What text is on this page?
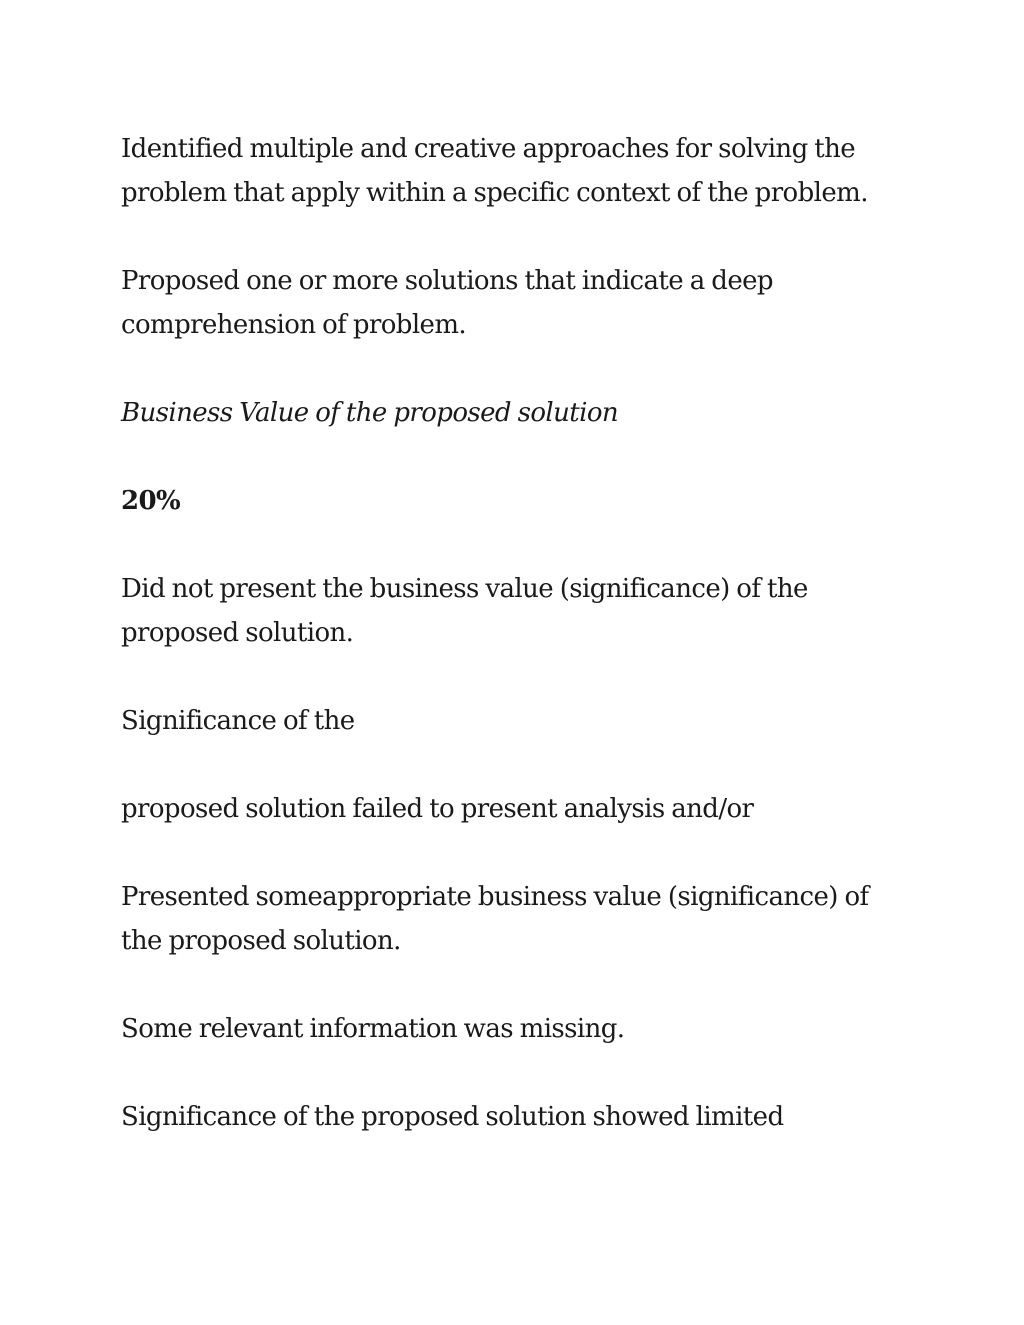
Identified multiple and creative approaches for solving the problem that apply within a specific context of the problem.

Proposed one or more solutions that indicate a deep comprehension of problem.

Business Value of the proposed solution

20%

Did not present the business value (significance) of the proposed solution.

Significance of the

proposed solution failed to present analysis and/or

Presented someappropriate business value (significance) of the proposed solution.

Some relevant information was missing.

Significance of the proposed solution showed limited
